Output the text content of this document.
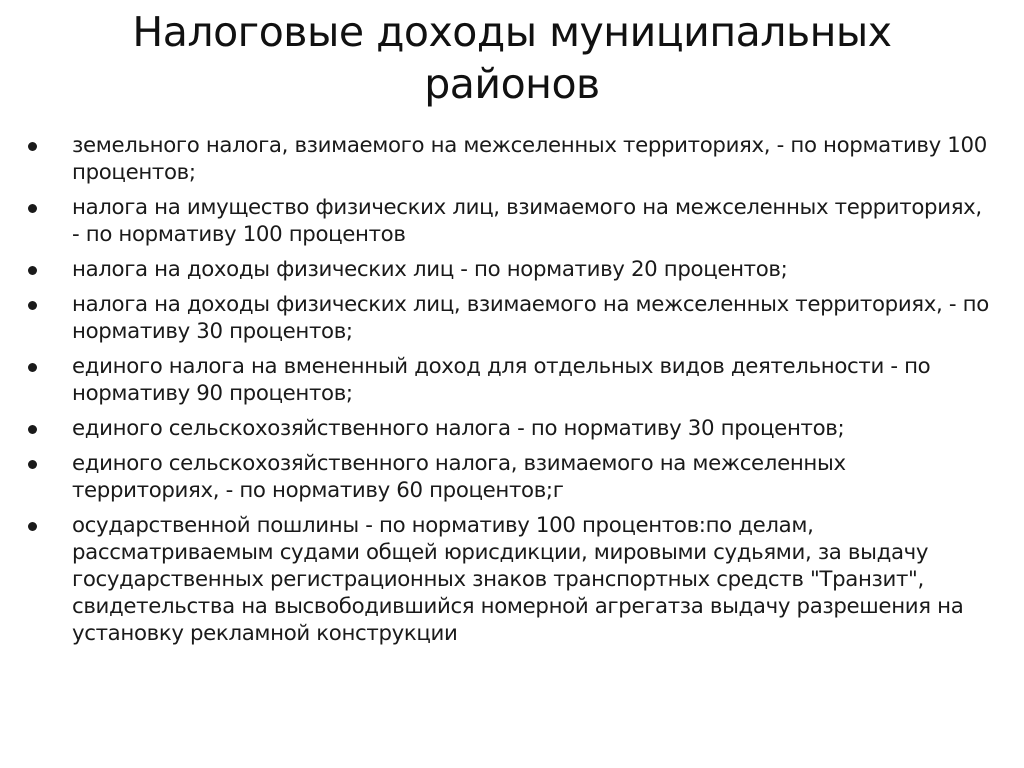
Налоговые доходы муниципальных районов
земельного налога, взимаемого на межселенных территориях, - по нормативу 100 процентов;
налога на имущество физических лиц, взимаемого на межселенных территориях, - по нормативу 100 процентов
налога на доходы физических лиц - по нормативу 20 процентов;
налога на доходы физических лиц, взимаемого на межселенных территориях, - по нормативу 30 процентов;
единого налога на вмененный доход для отдельных видов деятельности - по нормативу 90 процентов;
единого сельскохозяйственного налога - по нормативу 30 процентов;
единого сельскохозяйственного налога, взимаемого на межселенных территориях, - по нормативу 60 процентов;г
осударственной пошлины - по нормативу 100 процентов:по делам, рассматриваемым судами общей юрисдикции, мировыми судьями, за выдачу государственных регистрационных знаков транспортных средств "Транзит", свидетельства на высвободившийся номерной агрегатза выдачу разрешения на установку рекламной конструкции
